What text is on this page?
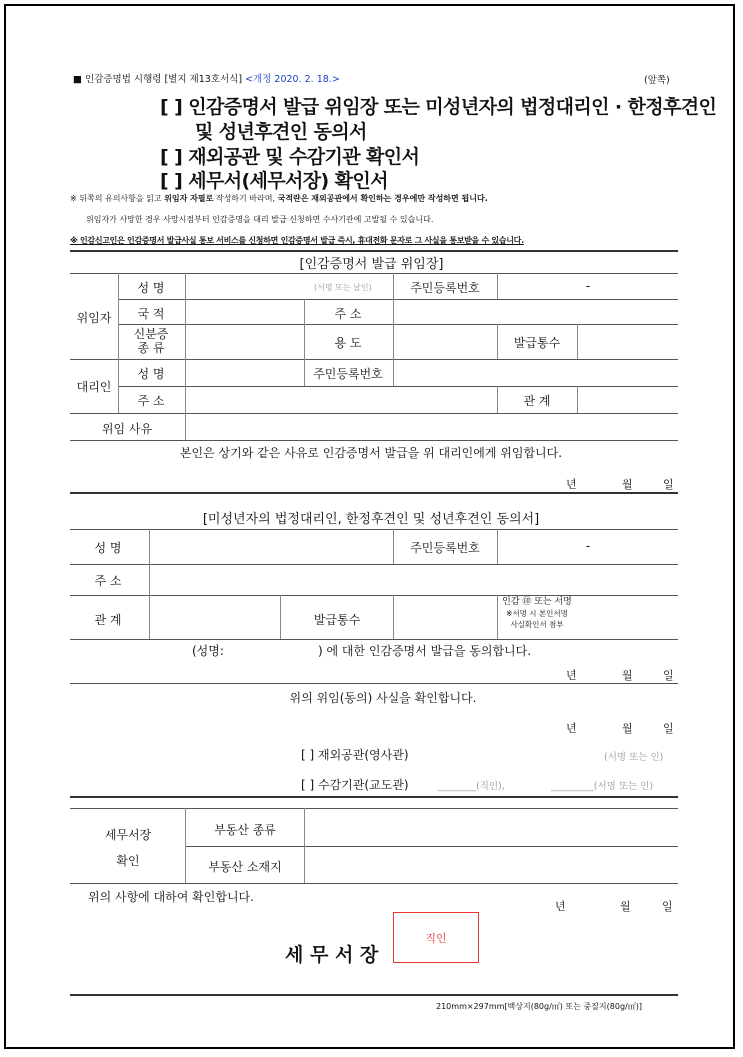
■ 인감증명법 시행령 [별지 제13호서식] <개정 2020. 2. 18.>	(앞쪽)
[ ] 인감증명서 발급 위임장 또는 미성년자의 법정대리인 · 한정후견인
및 성년후견인 동의서
[ ] 재외공관 및 수감기관 확인서
[ ] 세무서(세무서장) 확인서
※ 뒤쪽의 유의사항을 읽고 위임자 자필로 작성하기 바라며, 국적란은 재외공관에서 확인하는 경우에만 작성하면 됩니다.
위임자가 사망한 경우 사망시점부터 인감증명을 대리 발급 신청하면 수사기관에 고발될 수 있습니다.
※ 인감신고인은 인감증명서 발급사실 통보 서비스를 신청하면 인감증명서 발급 즉시, 휴대전화 문자로 그 사실을 통보받을 수 있습니다.
[인감증명서 발급 위임장]
위임자
성 명	(서명 또는 날인)	주민등록번호	-
국 적	주 소
신분증
종 류	용 도	발급통수
대리인
성 명	주민등록번호
주 소	관 계
위임 사유
본인은 상기와 같은 사유로 인감증명서 발급을 위 대리인에게 위임합니다.
년	월	일
[미성년자의 법정대리인, 한정후견인 및 성년후견인 동의서]
성 명	주민등록번호	-
주 소
관 계	발급통수
인감 ㊞ 또는 서명
※서명 시 본인서명
사실확인서 첨부
(성명:	) 에 대한 인감증명서 발급을 동의합니다.
년	월	일
위의 위임(동의) 사실을 확인합니다.
년	월	일
[ ] 재외공관(영사관)	(서명 또는 인)
[ ] 수감기관(교도관)	________(직인),	_________(서명 또는 인)
세무서장
확인
부동산 종류
부동산 소재지
위의 사항에 대하여 확인합니다.
년	월	일
세 무 서 장
직인
210mm×297mm[백상지(80g/㎡) 또는 중질지(80g/㎡)]
